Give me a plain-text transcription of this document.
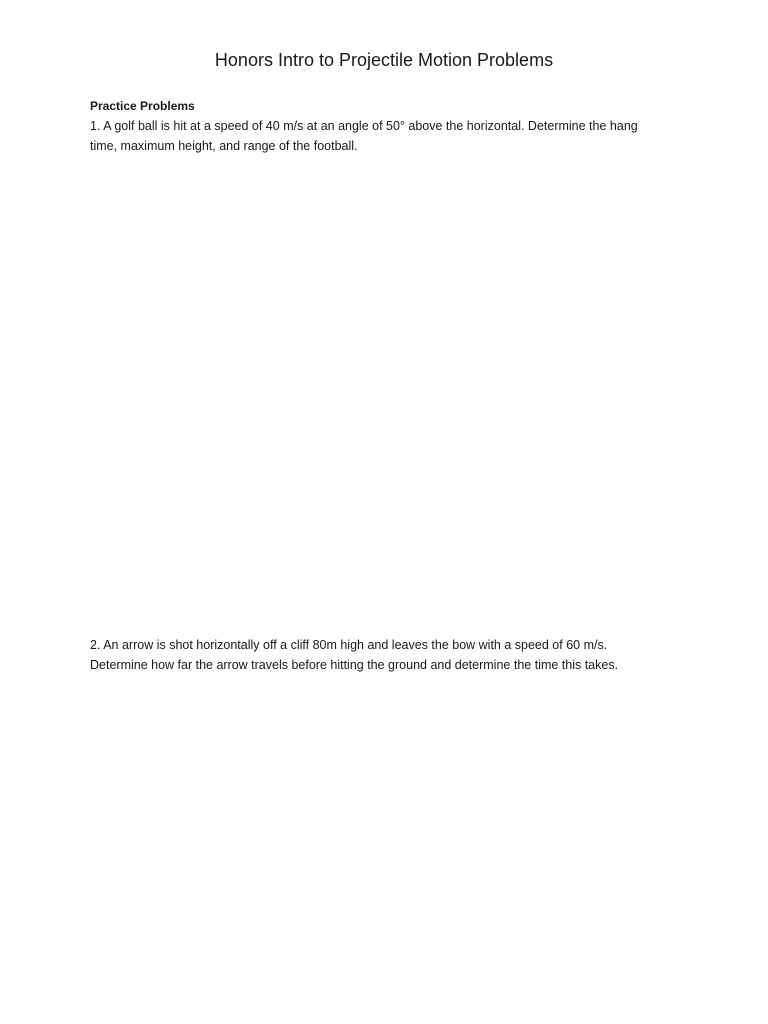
Honors Intro to Projectile Motion Problems

Practice Problems

1. A golf ball is hit at a speed of 40 m/s at an angle of 50° above the horizontal. Determine the hang
time, maximum height, and range of the football.

2. An arrow is shot horizontally off a cliff 80m high and leaves the bow with a speed of 60 m/s.
Determine how far the arrow travels before hitting the ground and determine the time this takes.
